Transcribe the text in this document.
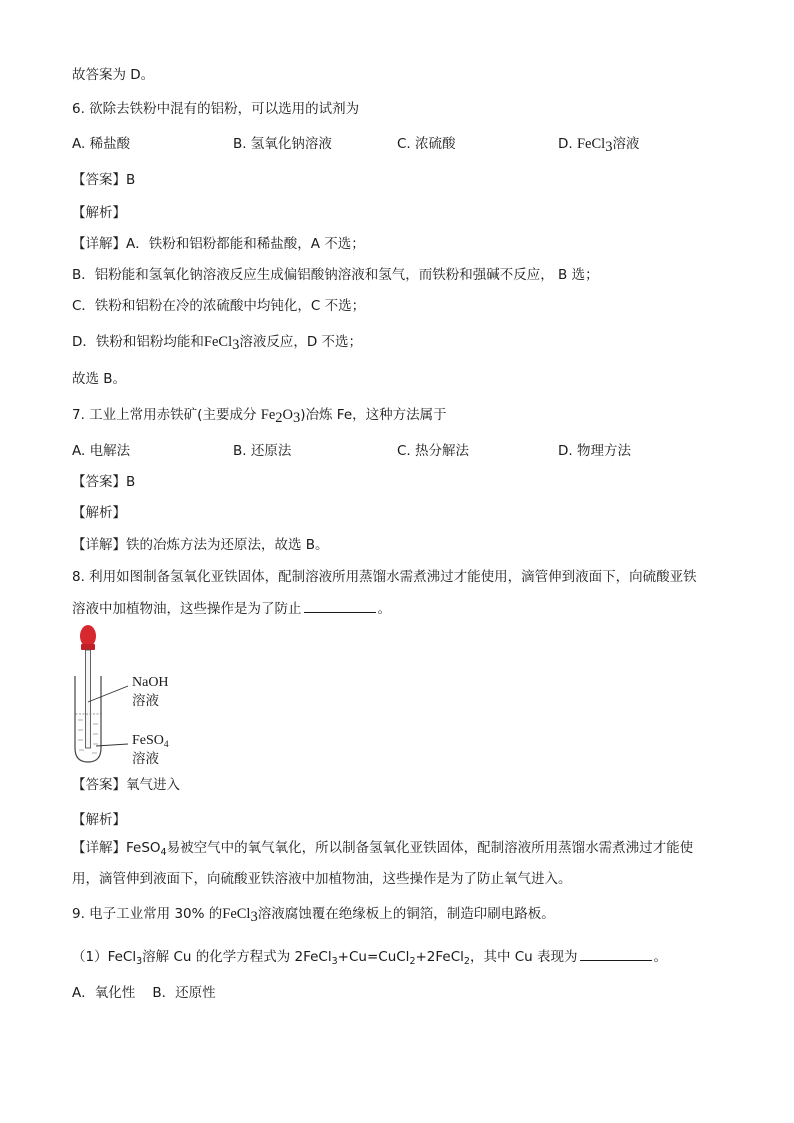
故答案为 D。
6. 欲除去铁粉中混有的铝粉，可以选用的试剂为
A. 稀盐酸	B. 氢氧化钠溶液	C. 浓硫酸	D. FeCl$_3$溶液
【答案】B
【解析】
【详解】A．铁粉和铝粉都能和稀盐酸，A 不选；
B．铝粉能和氢氧化钠溶液反应生成偏铝酸钠溶液和氢气，而铁粉和强碱不反应， B 选；
C．铁粉和铝粉在冷的浓硫酸中均钝化，C 不选；
D．铁粉和铝粉均能和FeCl$_3$溶液反应，D 不选；
故选 B。
7. 工业上常用赤铁矿(主要成分 $Fe_2O_3$)冶炼 Fe，这种方法属于
A. 电解法	B. 还原法	C. 热分解法	D. 物理方法
【答案】B
【解析】
【详解】铁的冶炼方法为还原法，故选 B。
8. 利用如图制备氢氧化亚铁固体，配制溶液所用蒸馏水需煮沸过才能使用，滴管伸到液面下，向硫酸亚铁
溶液中加植物油，这些操作是为了防止	。
NaOH
溶液
FeSO$_4$
溶液
【答案】氧气进入
【解析】
【详解】FeSO$_4$易被空气中的氧气氧化，所以制备氢氧化亚铁固体，配制溶液所用蒸馏水需煮沸过才能使
用，滴管伸到液面下，向硫酸亚铁溶液中加植物油，这些操作是为了防止氧气进入。
9. 电子工业常用 30% 的FeCl$_3$溶液腐蚀覆在绝缘板上的铜箔，制造印刷电路板。
（1）FeCl$_3$溶解 Cu 的化学方程式为 2FeCl$_3$+Cu=CuCl$_2$+2FeCl$_2$，其中 Cu 表现为	。
A．氧化性 B．还原性
